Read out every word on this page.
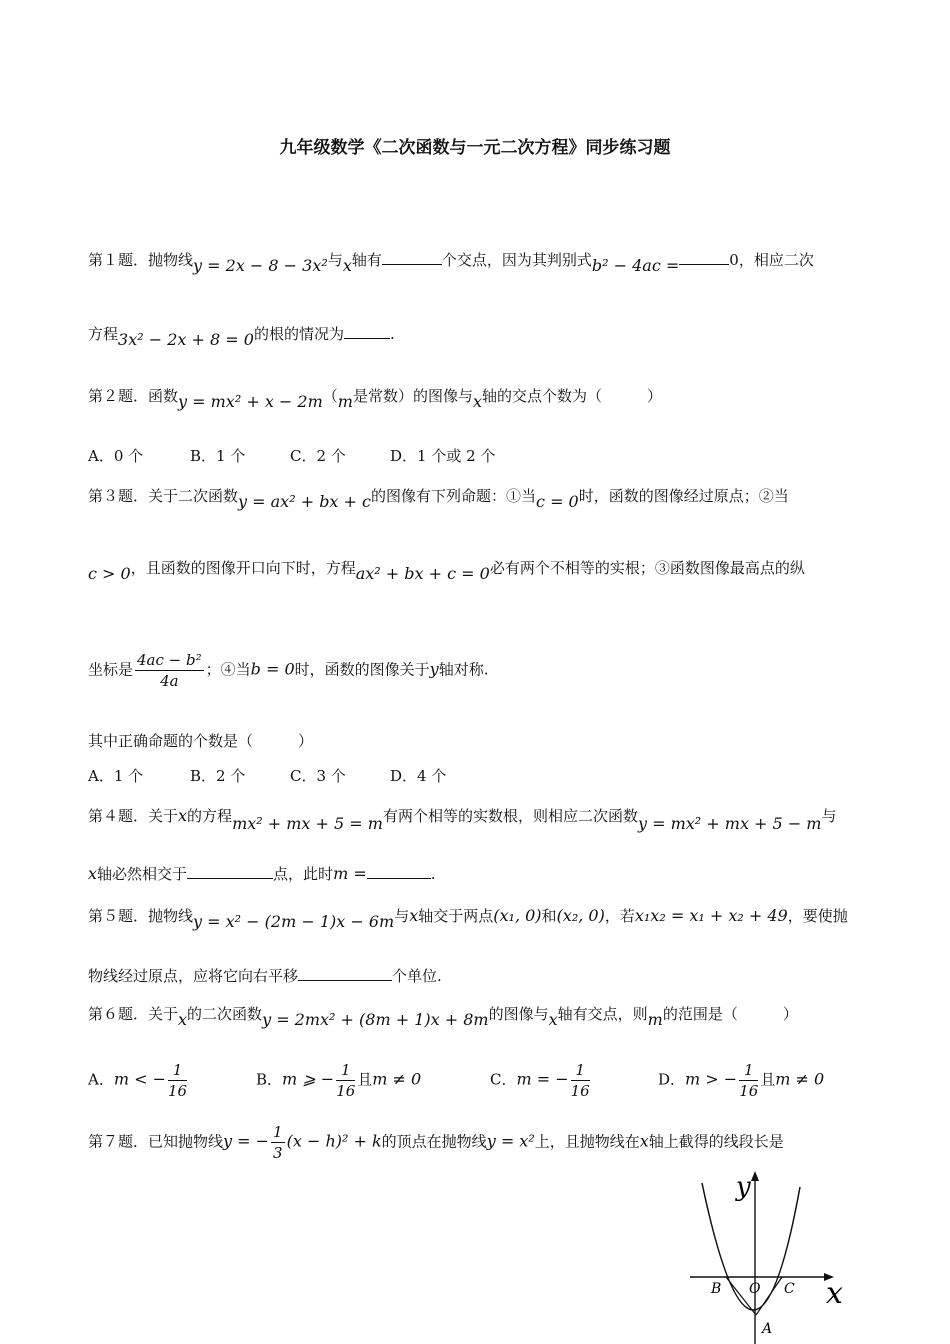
九年级数学《二次函数与一元二次方程》同步练习题
第１题．抛物线y = 2x − 8 − 3x²与x轴有	个交点，因为其判别式b² − 4ac =	0，相应二次
方程3x² − 2x + 8 = 0的根的情况为	.
第２题．函数y = mx² + x − 2m（m是常数）的图像与x轴的交点个数为（　　　）
A．0 个	B．1 个	C．2 个	D．1 个或 2 个
第３题．关于二次函数y = ax² + bx + c的图像有下列命题：①当c = 0时，函数的图像经过原点；②当
c > 0，且函数的图像开口向下时，方程ax² + bx + c = 0必有两个不相等的实根；③函数图像最高点的纵
坐标是 $\frac{\text{4ac − b²}}{4a}$ ；④当b = 0时，函数的图像关于y轴对称.
其中正确命题的个数是（　　　）
A．1 个	B．2 个	C．3 个	D．4 个
第４题．关于x的方程mx² + mx + 5 = m有两个相等的实数根，则相应二次函数y = mx² + mx + 5 − m与
x轴必然相交于	点，此时m =	.
第５题．抛物线y = x² − (2m − 1)x − 6m与x轴交于两点(x₁, 0)和(x₂, 0)，若x₁x₂ = x₁ + x₂ + 49，要使抛
物线经过原点，应将它向右平移	个单位.
第６题．关于x的二次函数y = 2mx² + (8m + 1)x + 8m的图像与x轴有交点，则m的范围是（　　　）
A．m < − $\frac{1}{16}$	B．m ⩾ − $\frac{1}{16}$ 且m ≠ 0	C．m = − $\frac{1}{16}$	D．m > − $\frac{1}{16}$ 且m ≠ 0
第７题．已知抛物线y = − $\frac{1}{3} (x - h)^2 + k$的顶点在抛物线y = x²上，且抛物线在x轴上截得的线段长是
y
x
O
B	C
A
